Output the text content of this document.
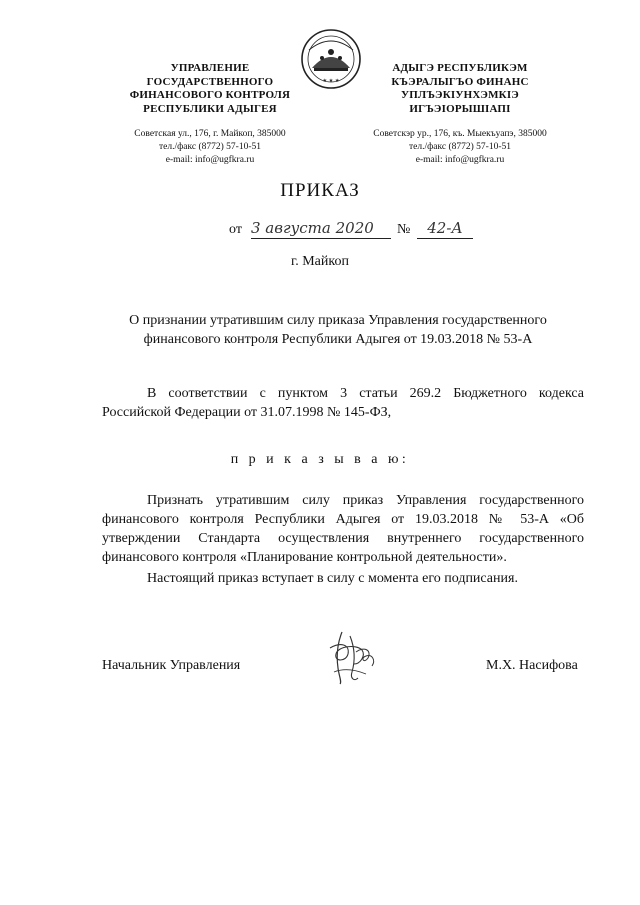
УПРАВЛЕНИЕ
ГОСУДАРСТВЕННОГО
ФИНАНСОВОГО КОНТРОЛЯ
РЕСПУБЛИКИ АДЫГЕЯ
Советская ул., 176, г. Майкоп, 385000
тел./факс (8772) 57-10-51
e-mail: info@ugfkra.ru
★ ★ ★
АДЫГЭ РЕСПУБЛИКЭМ
КЪЭРАЛЫГЪО ФИНАНС
УПЛЪЭКIУНХЭМКIЭ
ИГЪЭIОРЫШIАПI
Советскэр ур., 176, къ. Мыекъуапэ, 385000
тел./факс (8772) 57-10-51
e-mail: info@ugfkra.ru
ПРИКАЗ
от 3 августа 2020	№	42-А
г. Майкоп
О признании утратившим силу приказа Управления государственного финансового контроля Республики Адыгея от 19.03.2018 № 53-А
В соответствии с пунктом 3 статьи 269.2 Бюджетного кодекса Российской Федерации от 31.07.1998 № 145-ФЗ,
п р и к а з ы в а ю:
Признать утратившим силу приказ Управления государственного финансового контроля Республики Адыгея от 19.03.2018 № 53-А «Об утверждении Стандарта осуществления внутреннего государственного финансового контроля «Планирование контрольной деятельности».
Настоящий приказ вступает в силу с момента его подписания.
Начальник Управления	М.Х. Насифова
